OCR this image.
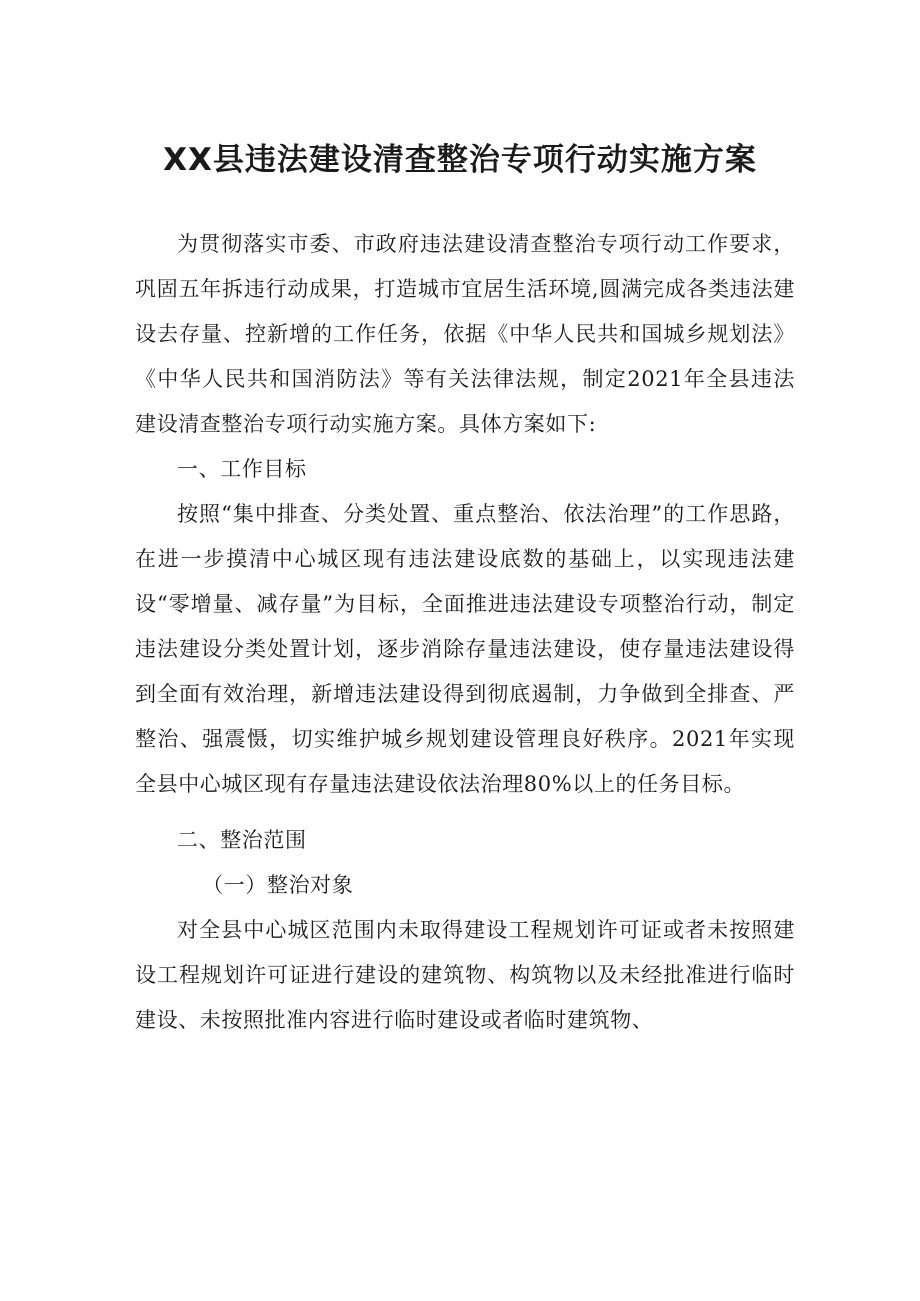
XX县违法建设清查整治专项行动实施方案

为贯彻落实市委、市政府违法建设清查整治专项行动工作要求，巩固五年拆违行动成果，打造城市宜居生活环境,圆满完成各类违法建设去存量、控新增的工作任务，依据《中华人民共和国城乡规划法》《中华人民共和国消防法》等有关法律法规，制定2021年全县违法建设清查整治专项行动实施方案。具体方案如下:

一、工作目标

按照“集中排查、分类处置、重点整治、依法治理”的工作思路，在进一步摸清中心城区现有违法建设底数的基础上，以实现违法建设“零增量、减存量”为目标，全面推进违法建设专项整治行动，制定违法建设分类处置计划，逐步消除存量违法建设，使存量违法建设得到全面有效治理，新增违法建设得到彻底遏制，力争做到全排查、严整治、强震慑，切实维护城乡规划建设管理良好秩序。2021年实现全县中心城区现有存量违法建设依法治理80%以上的任务目标。

二、整治范围

（一）整治对象

对全县中心城区范围内未取得建设工程规划许可证或者未按照建设工程规划许可证进行建设的建筑物、构筑物以及未经批准进行临时建设、未按照批准内容进行临时建设或者临时建筑物、
